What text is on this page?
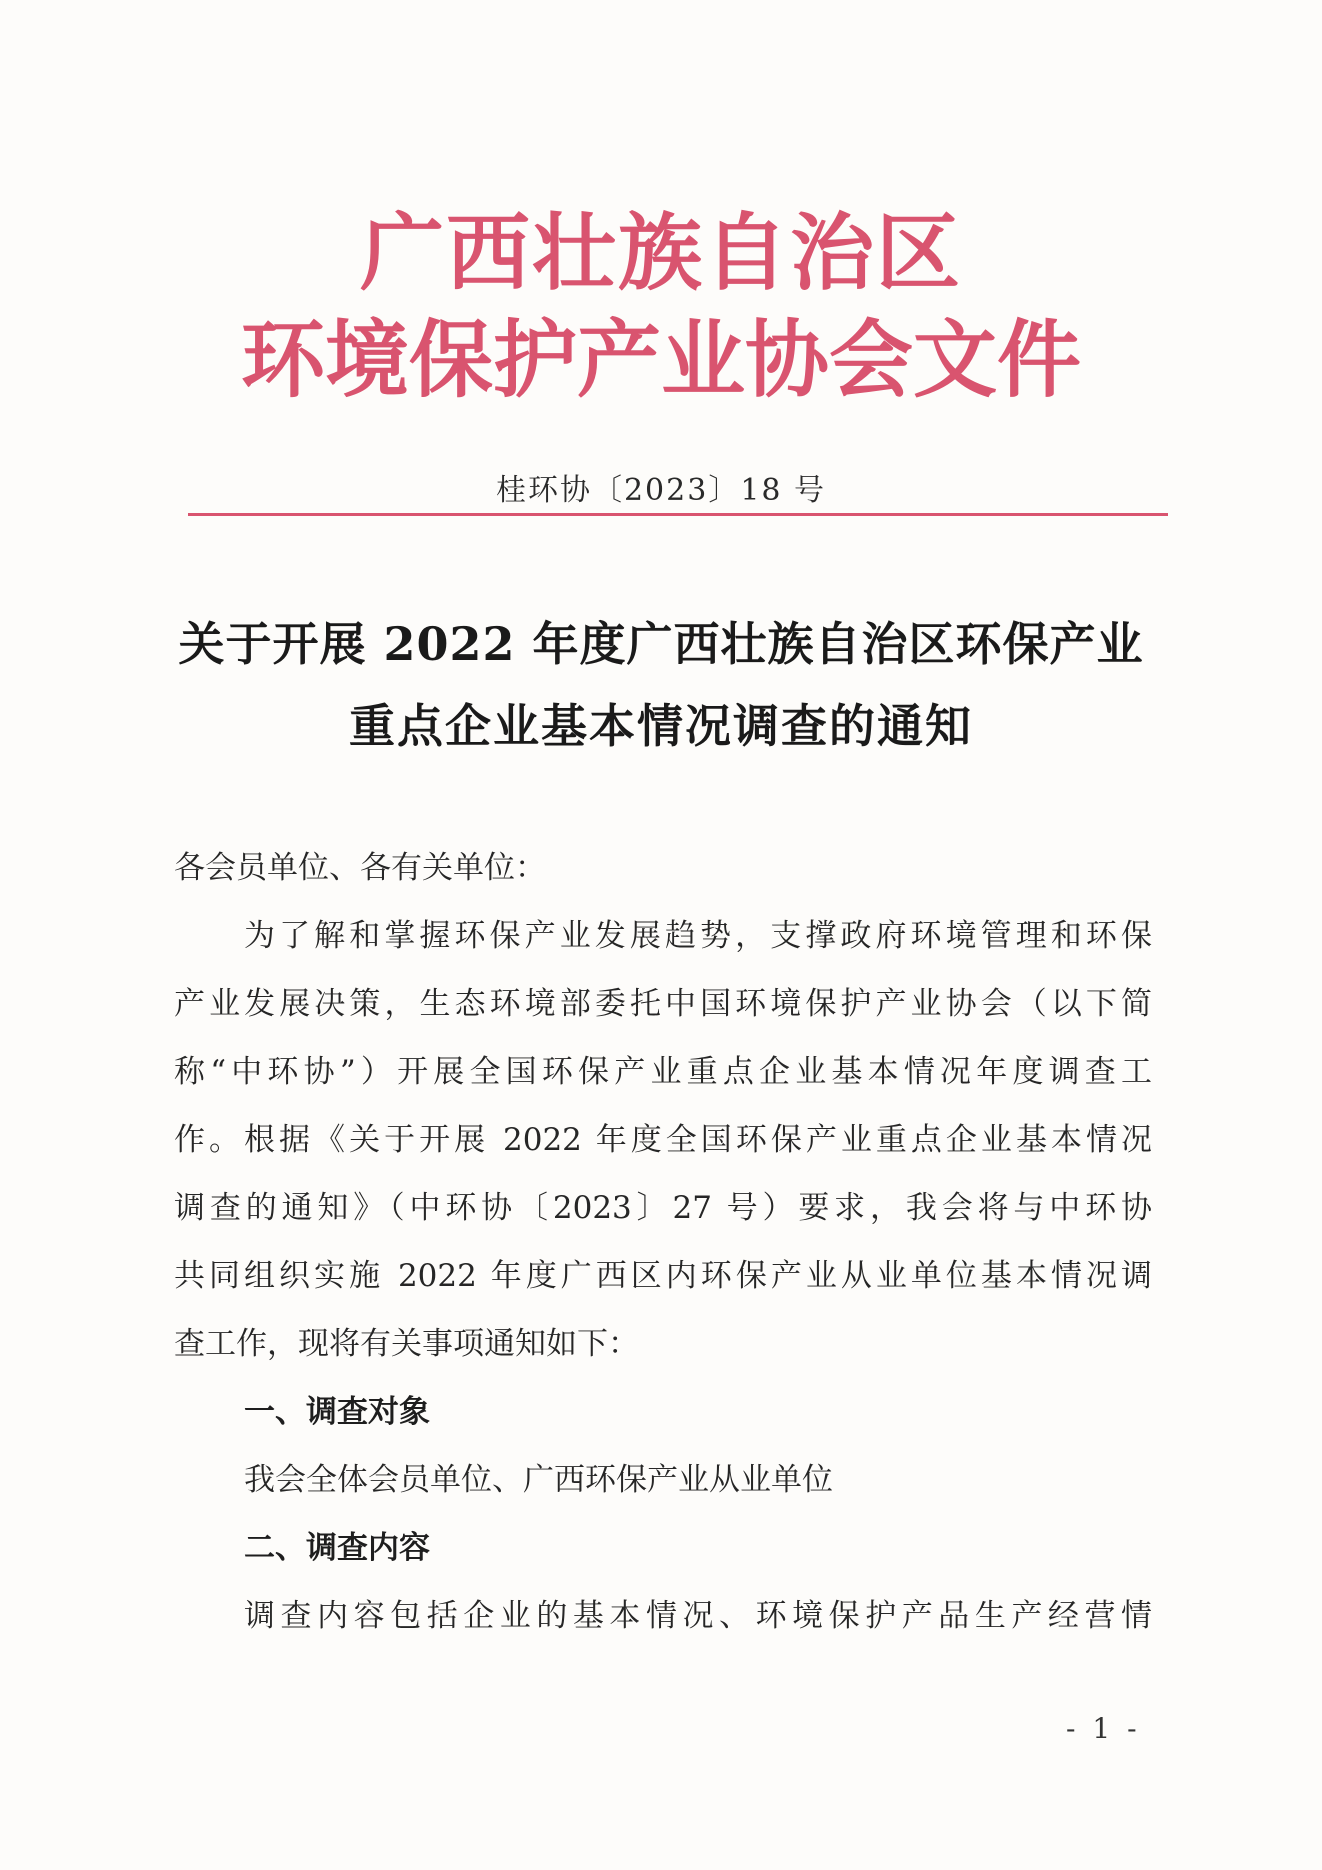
广西壮族自治区
环境保护产业协会文件
桂环协〔2023〕18 号
关于开展 2022 年度广西壮族自治区环保产业
重点企业基本情况调查的通知

各会员单位、各有关单位：

为了解和掌握环保产业发展趋势，支撑政府环境管理和环保

产业发展决策，生态环境部委托中国环境保护产业协会（以下简

称“中环协”）开展全国环保产业重点企业基本情况年度调查工

作。根据《关于开展 2022 年度全国环保产业重点企业基本情况

调查的通知》（中环协〔2023〕27 号）要求，我会将与中环协

共同组织实施 2022 年度广西区内环保产业从业单位基本情况调

查工作，现将有关事项通知如下：

一、调查对象

我会全体会员单位、广西环保产业从业单位

二、调查内容

调查内容包括企业的基本情况、环境保护产品生产经营情

- 1 -
